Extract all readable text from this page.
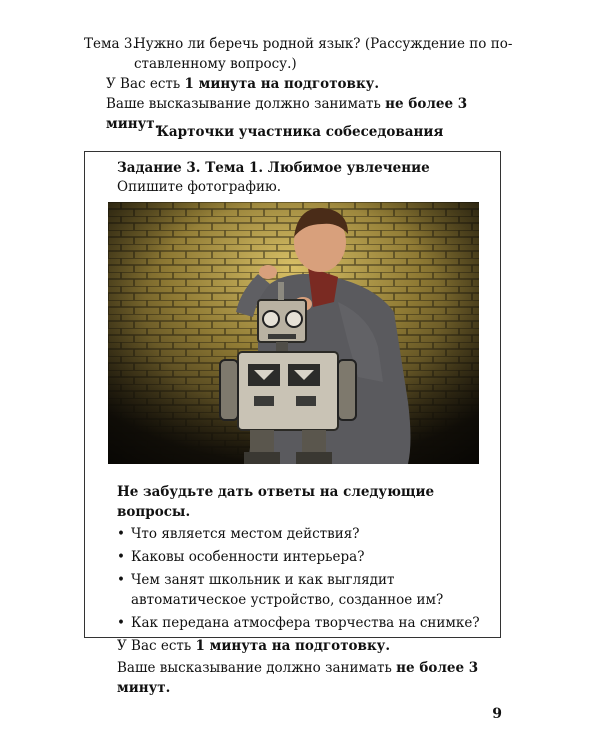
Тема 3.
Нужно ли беречь родной язык? (Рассуждение по по-
ставленному вопросу.)
У Вас есть 1 минута на подготовку.
Ваше высказывание должно занимать не более 3 минут.
Карточки участника собеседования
Задание 3. Тема 1. Любимое увлечение
Опишите фотографию.
Не забудьте дать ответы на следующие вопросы.
• Что является местом действия?
• Каковы особенности интерьера?
• Чем занят школьник и как выглядит автоматическое устройство, созданное им?
• Как передана атмосфера творчества на снимке?
У Вас есть 1 минута на подготовку.
Ваше высказывание должно занимать не более 3 минут.
9
